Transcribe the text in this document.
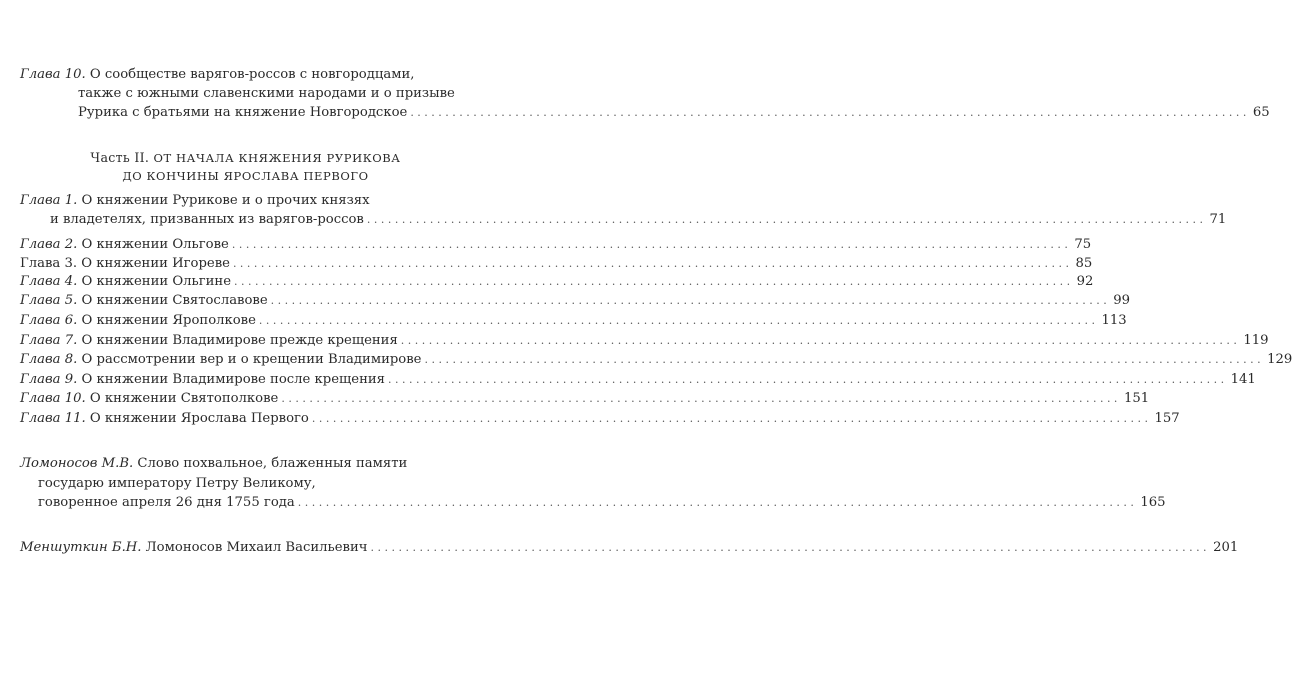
Глава 10. О сообществе варягов-россов с новгородцами,
также с южными славенскими народами и о призыве
Рурика с братьями на княжение Новгородское ........................................................................................................................ 65
Часть II. ОТ НАЧАЛА КНЯЖЕНИЯ РУРИКОВА
ДО КОНЧИНЫ ЯРОСЛАВА ПЕРВОГО
Глава 1. О княжении Рурикове и о прочих князях
и владетелях, призванных из варягов-россов ........................................................................................................................ 71
Глава 2. О княжении Ольгове ........................................................................................................................ 75
Глава 3. О княжении Игореве ........................................................................................................................ 85
Глава 4. О княжении Ольгине ........................................................................................................................ 92
Глава 5. О княжении Святославове ........................................................................................................................ 99
Глава 6. О княжении Ярополкове ........................................................................................................................ 113
Глава 7. О княжении Владимирове прежде крещения ........................................................................................................................ 119
Глава 8. О рассмотрении вер и о крещении Владимирове ........................................................................................................................ 129
Глава 9. О княжении Владимирове после крещения ........................................................................................................................ 141
Глава 10. О княжении Святополкове ........................................................................................................................ 151
Глава 11. О княжении Ярослава Первого ........................................................................................................................ 157
Ломоносов М.В. Слово похвальное, блаженныя памяти
государю императору Петру Великому,
говоренное апреля 26 дня 1755 года ........................................................................................................................ 165
Меншуткин Б.Н. Ломоносов Михаил Васильевич ........................................................................................................................ 201
